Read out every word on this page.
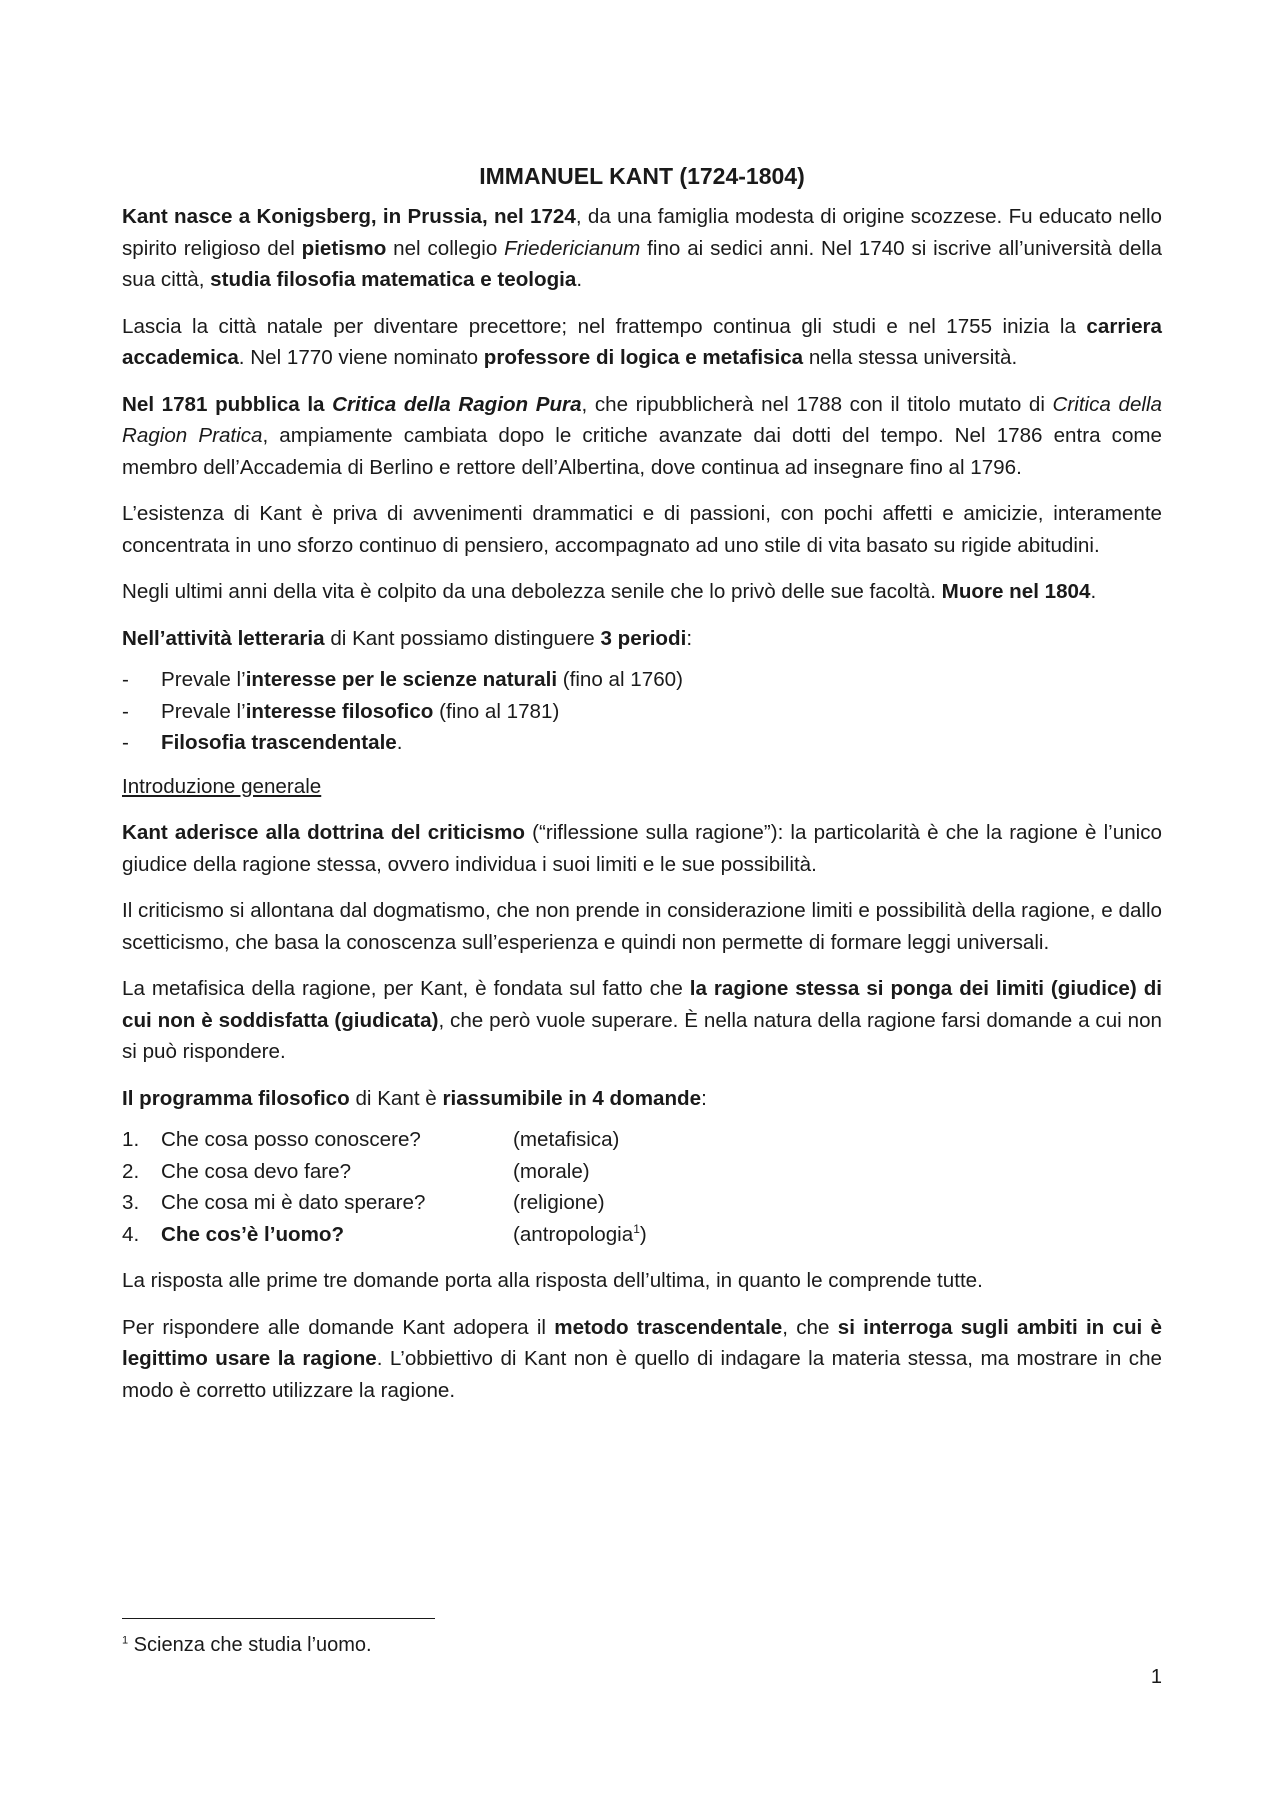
IMMANUEL KANT (1724-1804)

Kant nasce a Konigsberg, in Prussia, nel 1724, da una famiglia modesta di origine scozzese. Fu educato nello spirito religioso del pietismo nel collegio Friedericianum fino ai sedici anni. Nel 1740 si iscrive all’università della sua città, studia filosofia matematica e teologia.

Lascia la città natale per diventare precettore; nel frattempo continua gli studi e nel 1755 inizia la carriera accademica. Nel 1770 viene nominato professore di logica e metafisica nella stessa università.

Nel 1781 pubblica la Critica della Ragion Pura, che ripubblicherà nel 1788 con il titolo mutato di Critica della Ragion Pratica, ampiamente cambiata dopo le critiche avanzate dai dotti del tempo. Nel 1786 entra come membro dell’Accademia di Berlino e rettore dell’Albertina, dove continua ad insegnare fino al 1796.

L’esistenza di Kant è priva di avvenimenti drammatici e di passioni, con pochi affetti e amicizie, interamente concentrata in uno sforzo continuo di pensiero, accompagnato ad uno stile di vita basato su rigide abitudini.

Negli ultimi anni della vita è colpito da una debolezza senile che lo privò delle sue facoltà. Muore nel 1804.

Nell’attività letteraria di Kant possiamo distinguere 3 periodi:

- Prevale l’interesse per le scienze naturali (fino al 1760)
- Prevale l’interesse filosofico (fino al 1781)
- Filosofia trascendentale.

Introduzione generale

Kant aderisce alla dottrina del criticismo (“riflessione sulla ragione”): la particolarità è che la ragione è l’unico giudice della ragione stessa, ovvero individua i suoi limiti e le sue possibilità.

Il criticismo si allontana dal dogmatismo, che non prende in considerazione limiti e possibilità della ragione, e dallo scetticismo, che basa la conoscenza sull’esperienza e quindi non permette di formare leggi universali.

La metafisica della ragione, per Kant, è fondata sul fatto che la ragione stessa si ponga dei limiti (giudice) di cui non è soddisfatta (giudicata), che però vuole superare. È nella natura della ragione farsi domande a cui non si può rispondere.

Il programma filosofico di Kant è riassumibile in 4 domande:

1.	Che cosa posso conoscere?	(metafisica)
2.	Che cosa devo fare?	(morale)
3.	Che cosa mi è dato sperare?	(religione)
4.	Che cos’è l’uomo?	(antropologia$^1$)

La risposta alle prime tre domande porta alla risposta dell’ultima, in quanto le comprende tutte.

Per rispondere alle domande Kant adopera il metodo trascendentale, che si interroga sugli ambiti in cui è legittimo usare la ragione. L’obbiettivo di Kant non è quello di indagare la materia stessa, ma mostrare in che modo è corretto utilizzare la ragione.

$^1$ Scienza che studia l’uomo.
1
